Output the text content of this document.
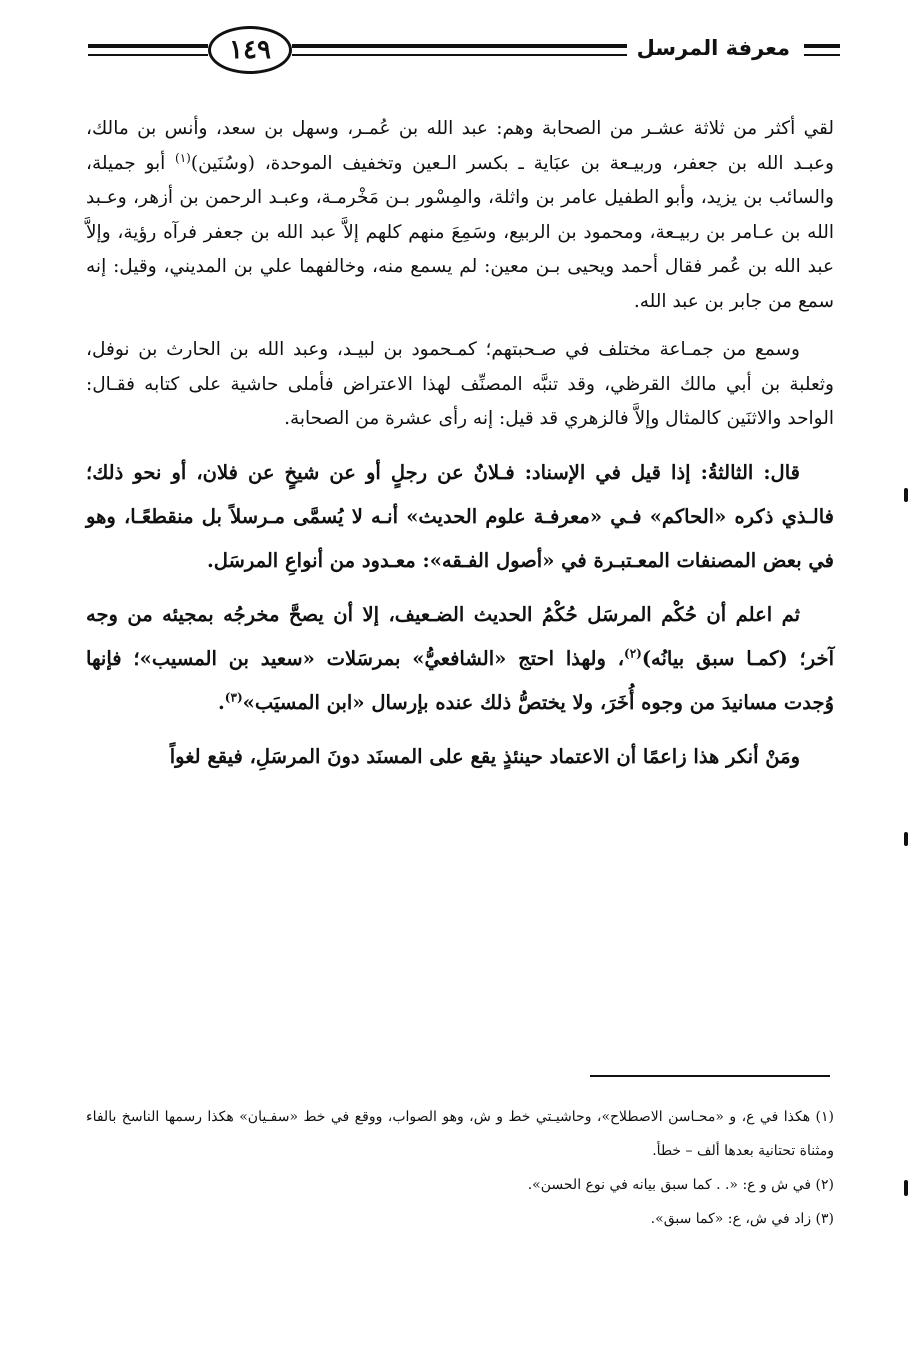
١٤٩	معرفة المرسل

لقي أكثر من ثلاثة عشـر من الصحابة وهم: عبد الله بن عُمـر، وسهل بن سعد، وأنس بن مالك، وعبـد الله بن جعفر، وربيـعة بن عبَاية ـ بكسر الـعين وتخفيف الموحدة، (وسُنَين)$^{(١)}$ أبو جميلة، والسائب بن يزيد، وأبو الطفيل عامر بن واثلة، والمِسْور بـن مَخْرمـة، وعبـد الرحمن بن أزهر، وعـبد الله بن عـامر بن ربيـعة، ومحمود بن الربيع، وسَمِعَ منهم كلهم إلاَّ عبد الله بن جعفر فرآه رؤية، وإلاَّ عبد الله بن عُمر فقال أحمد ويحيى بـن معين: لم يسمع منه، وخالفهما علي بن المديني، وقيل: إنه سمع من جابر بن عبد الله.

وسمع من جمـاعة مختلف في صـحبتهم؛ كمـحمود بن لبيـد، وعبد الله بن الحارث بن نوفل، وثعلبة بن أبي مالك القرظي، وقد تنبَّه المصنِّف لهذا الاعتراض فأملى حاشية على كتابه فقـال: الواحد والاثنَين كالمثال وإلاَّ فالزهري قد قيل: إنه رأى عشرة من الصحابة.

قال: الثالثةُ: إذا قيل في الإسناد: فـلانٌ عن رجلٍ أو عن شيخٍ عن فلان، أو نحو ذلك؛ فالـذي ذكره «الحاكم» فـي «معرفـة علوم الحديث» أنـه لا يُسمَّى مـرسلاً بل منقطعًـا، وهو في بعض المصنفات المعـتبـرة في «أصول الفـقه»: معـدود من أنواعِ المرسَل.

ثم اعلم أن حُكْم المرسَل حُكْمُ الحديث الضـعيف، إلا أن يصحَّ مخرجُه بمجيئه من وجه آخر؛ (كمـا سبق بيانُه)$^{(٢)}$، ولهذا احتج «الشافعيُّ» بمرسَلات «سعيد بن المسيب»؛ فإنها وُجدت مسانيدَ من وجوه أُخَرَ، ولا يختصُّ ذلك عنده بإرسال «ابن المسيَب»$^{(٣)}$.

ومَنْ أنكر هذا زاعمًا أن الاعتماد حينئذٍ يقع على المسنَد دونَ المرسَلِ، فيقع لغواً

(١) هكذا في ع، و «محـاسن الاصطلاح»، وحاشيـتي خط و ش، وهو الصواب، ووقع في خط «سفـيان» هكذا رسمها الناسخ بالفاء ومثناة تحتانية بعدها ألف – خطأ.

(٢) في ش و ع: «. . كما سبق بيانه في نوع الحسن».

(٣) زاد في ش، ع: «كما سبق».
